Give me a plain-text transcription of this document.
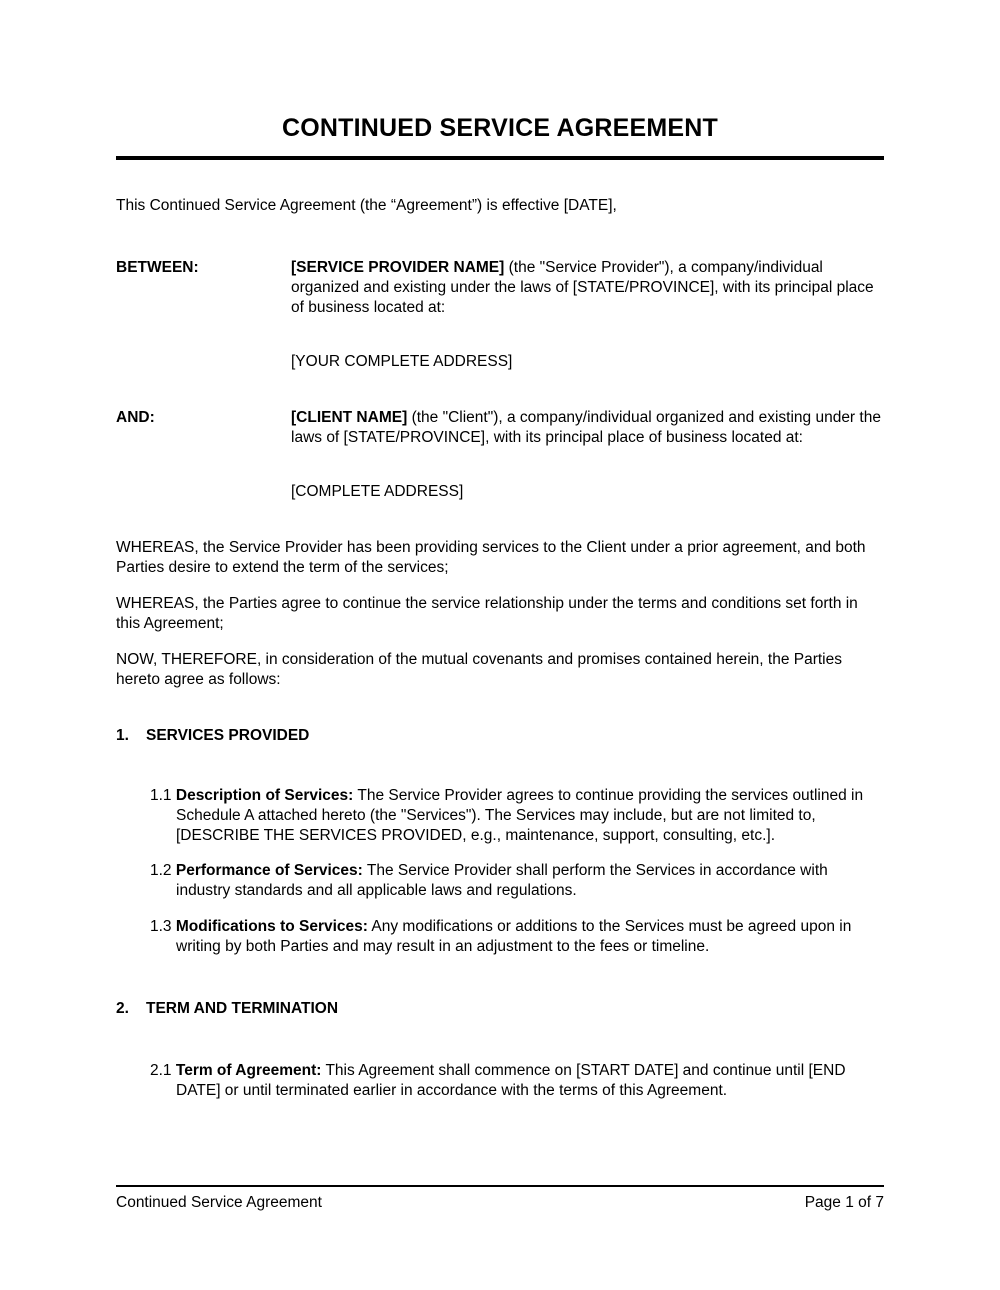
CONTINUED SERVICE AGREEMENT

This Continued Service Agreement (the “Agreement”) is effective [DATE],

BETWEEN:	[SERVICE PROVIDER NAME] (the "Service Provider"), a company/individual organized and existing under the laws of [STATE/PROVINCE], with its principal place of business located at:

[YOUR COMPLETE ADDRESS]

AND:	[CLIENT NAME] (the "Client"), a company/individual organized and existing under the laws of [STATE/PROVINCE], with its principal place of business located at:

[COMPLETE ADDRESS]

WHEREAS, the Service Provider has been providing services to the Client under a prior agreement, and both Parties desire to extend the term of the services;

WHEREAS, the Parties agree to continue the service relationship under the terms and conditions set forth in this Agreement;

NOW, THEREFORE, in consideration of the mutual covenants and promises contained herein, the Parties hereto agree as follows:

1. SERVICES PROVIDED

1.1 Description of Services: The Service Provider agrees to continue providing the services outlined in Schedule A attached hereto (the "Services"). The Services may include, but are not limited to, [DESCRIBE THE SERVICES PROVIDED, e.g., maintenance, support, consulting, etc.].

1.2 Performance of Services: The Service Provider shall perform the Services in accordance with industry standards and all applicable laws and regulations.

1.3 Modifications to Services: Any modifications or additions to the Services must be agreed upon in writing by both Parties and may result in an adjustment to the fees or timeline.

2. TERM AND TERMINATION

2.1 Term of Agreement: This Agreement shall commence on [START DATE] and continue until [END DATE] or until terminated earlier in accordance with the terms of this Agreement.

Continued Service Agreement	Page 1 of 7
